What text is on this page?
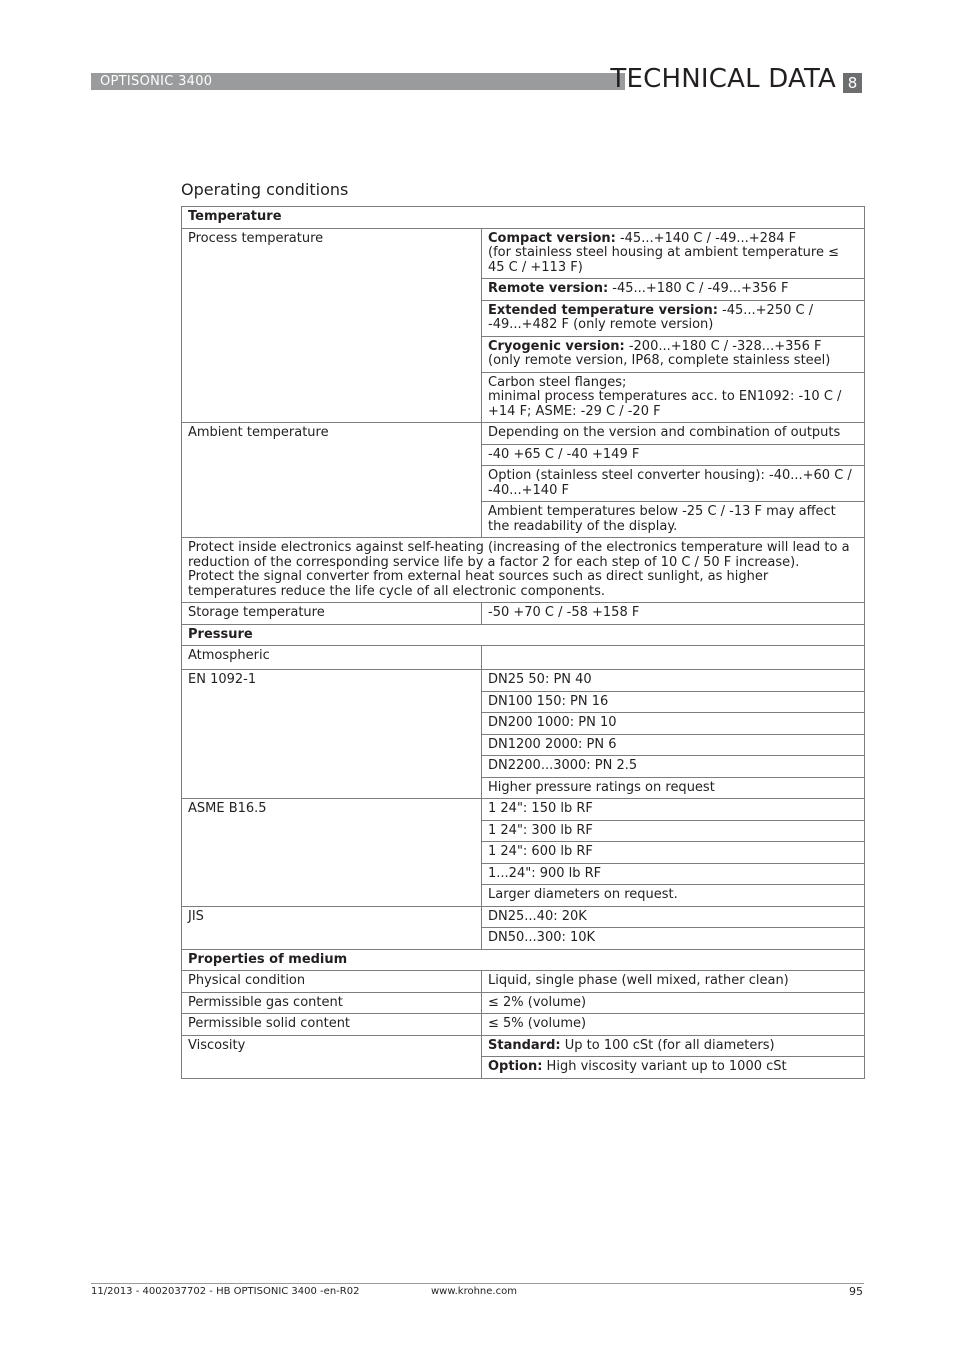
OPTISONIC 3400	TECHNICAL DATA 8
Operating conditions
Temperature	
Process temperature	Compact version: -45...+140 C / -49...+284 F
(for stainless steel housing at ambient temperature ≤ 45 C / +113 F)

	Remote version: -45...+180 C / -49...+356 F
	Extended temperature version: -45...+250 C / -49...+482 F (only remote version)
	Cryogenic version: -200...+180 C / -328...+356 F (only remote version, IP68, complete stainless steel)

	Carbon steel flanges;
minimal process temperatures acc. to EN1092: -10 C / +14 F; ASME: -29 C / -20 F

Ambient temperature	Depending on the version and combination of outputs
	-40 +65 C / -40 +149 F
	Option (stainless steel converter housing): -40...+60 C / -40...+140 F
	Ambient temperatures below -25 C / -13 F may affect the readability of the display.

Protect inside electronics against self-heating (increasing of the electronics temperature will lead to a reduction of the corresponding service life by a factor 2 for each step of 10 C / 50 F increase).
Protect the signal converter from external heat sources such as direct sunlight, as higher temperatures reduce the life cycle of all electronic components.	

Storage temperature	-50 +70 C / -58 +158 F
Pressure	
Atmospheric	
EN 1092-1	DN25 50: PN 40
	DN100 150: PN 16
	DN200 1000: PN 10
	DN1200 2000: PN 6
	DN2200...3000: PN 2.5
	Higher pressure ratings on request
ASME B16.5	1 24": 150 lb RF
	1 24": 300 lb RF
	1 24": 600 lb RF
	1...24": 900 lb RF
	Larger diameters on request.
JIS	DN25...40: 20K
	DN50...300: 10K
Properties of medium	
Physical condition	Liquid, single phase (well mixed, rather clean)
Permissible gas content	≤ 2% (volume)
Permissible solid content	≤ 5% (volume)
Viscosity	Standard: Up to 100 cSt (for all diameters)
	Option: High viscosity variant up to 1000 cSt
11/2013 - 4002037702 - HB OPTISONIC 3400 -en-R02	www.krohne.com	95
